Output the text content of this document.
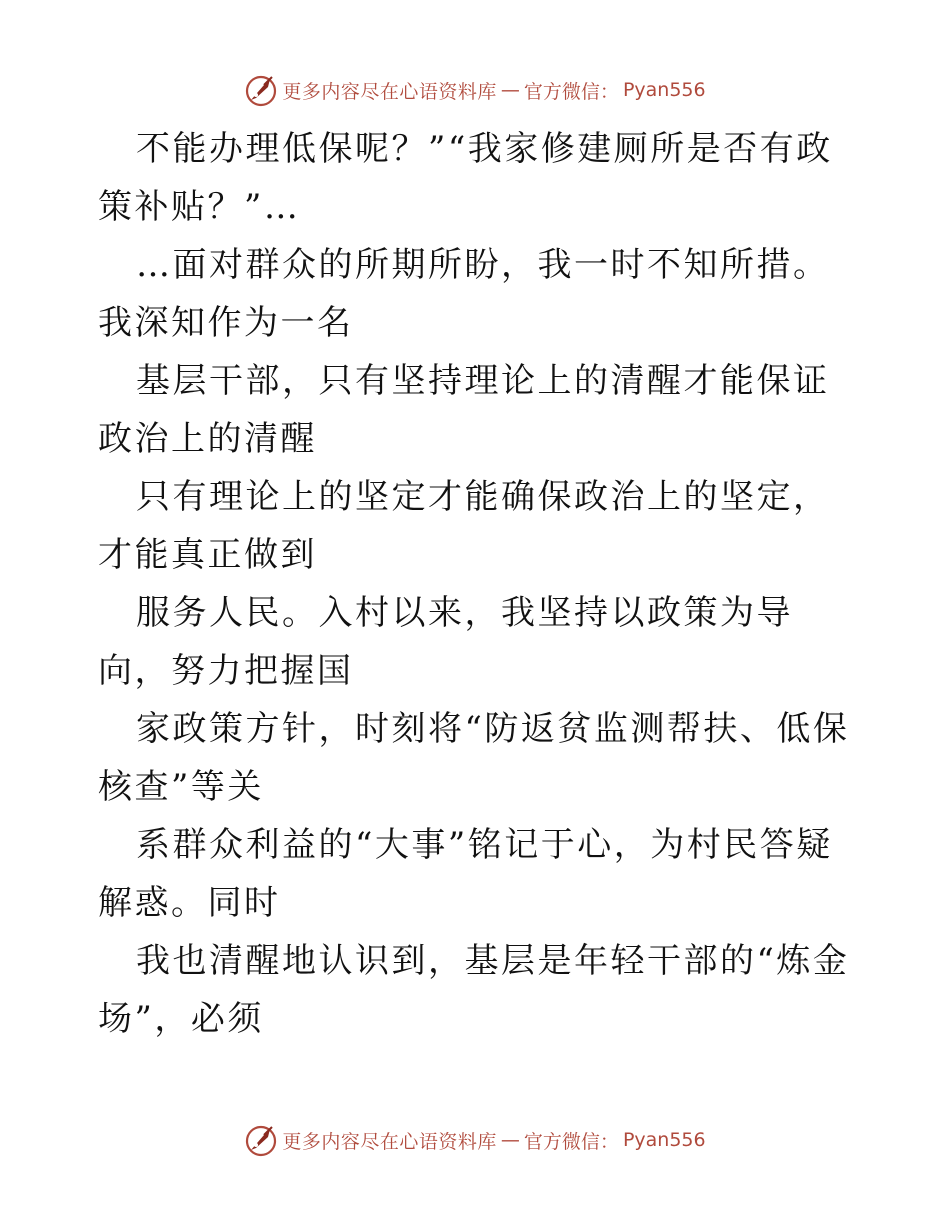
更多内容尽在心语资料库 — 官方微信： Pyan556

不能办理低保呢？”“我家修建厕所是否有政策补贴？”…

…面对群众的所期所盼，我一时不知所措。我深知作为一名

基层干部，只有坚持理论上的清醒才能保证政治上的清醒

只有理论上的坚定才能确保政治上的坚定，才能真正做到

服务人民。入村以来，我坚持以政策为导向，努力把握国

家政策方针，时刻将“防返贫监测帮扶、低保核查”等关

系群众利益的“大事”铭记于心，为村民答疑解惑。同时

我也清醒地认识到，基层是年轻干部的“炼金场”，必须

更多内容尽在心语资料库 — 官方微信： Pyan556
